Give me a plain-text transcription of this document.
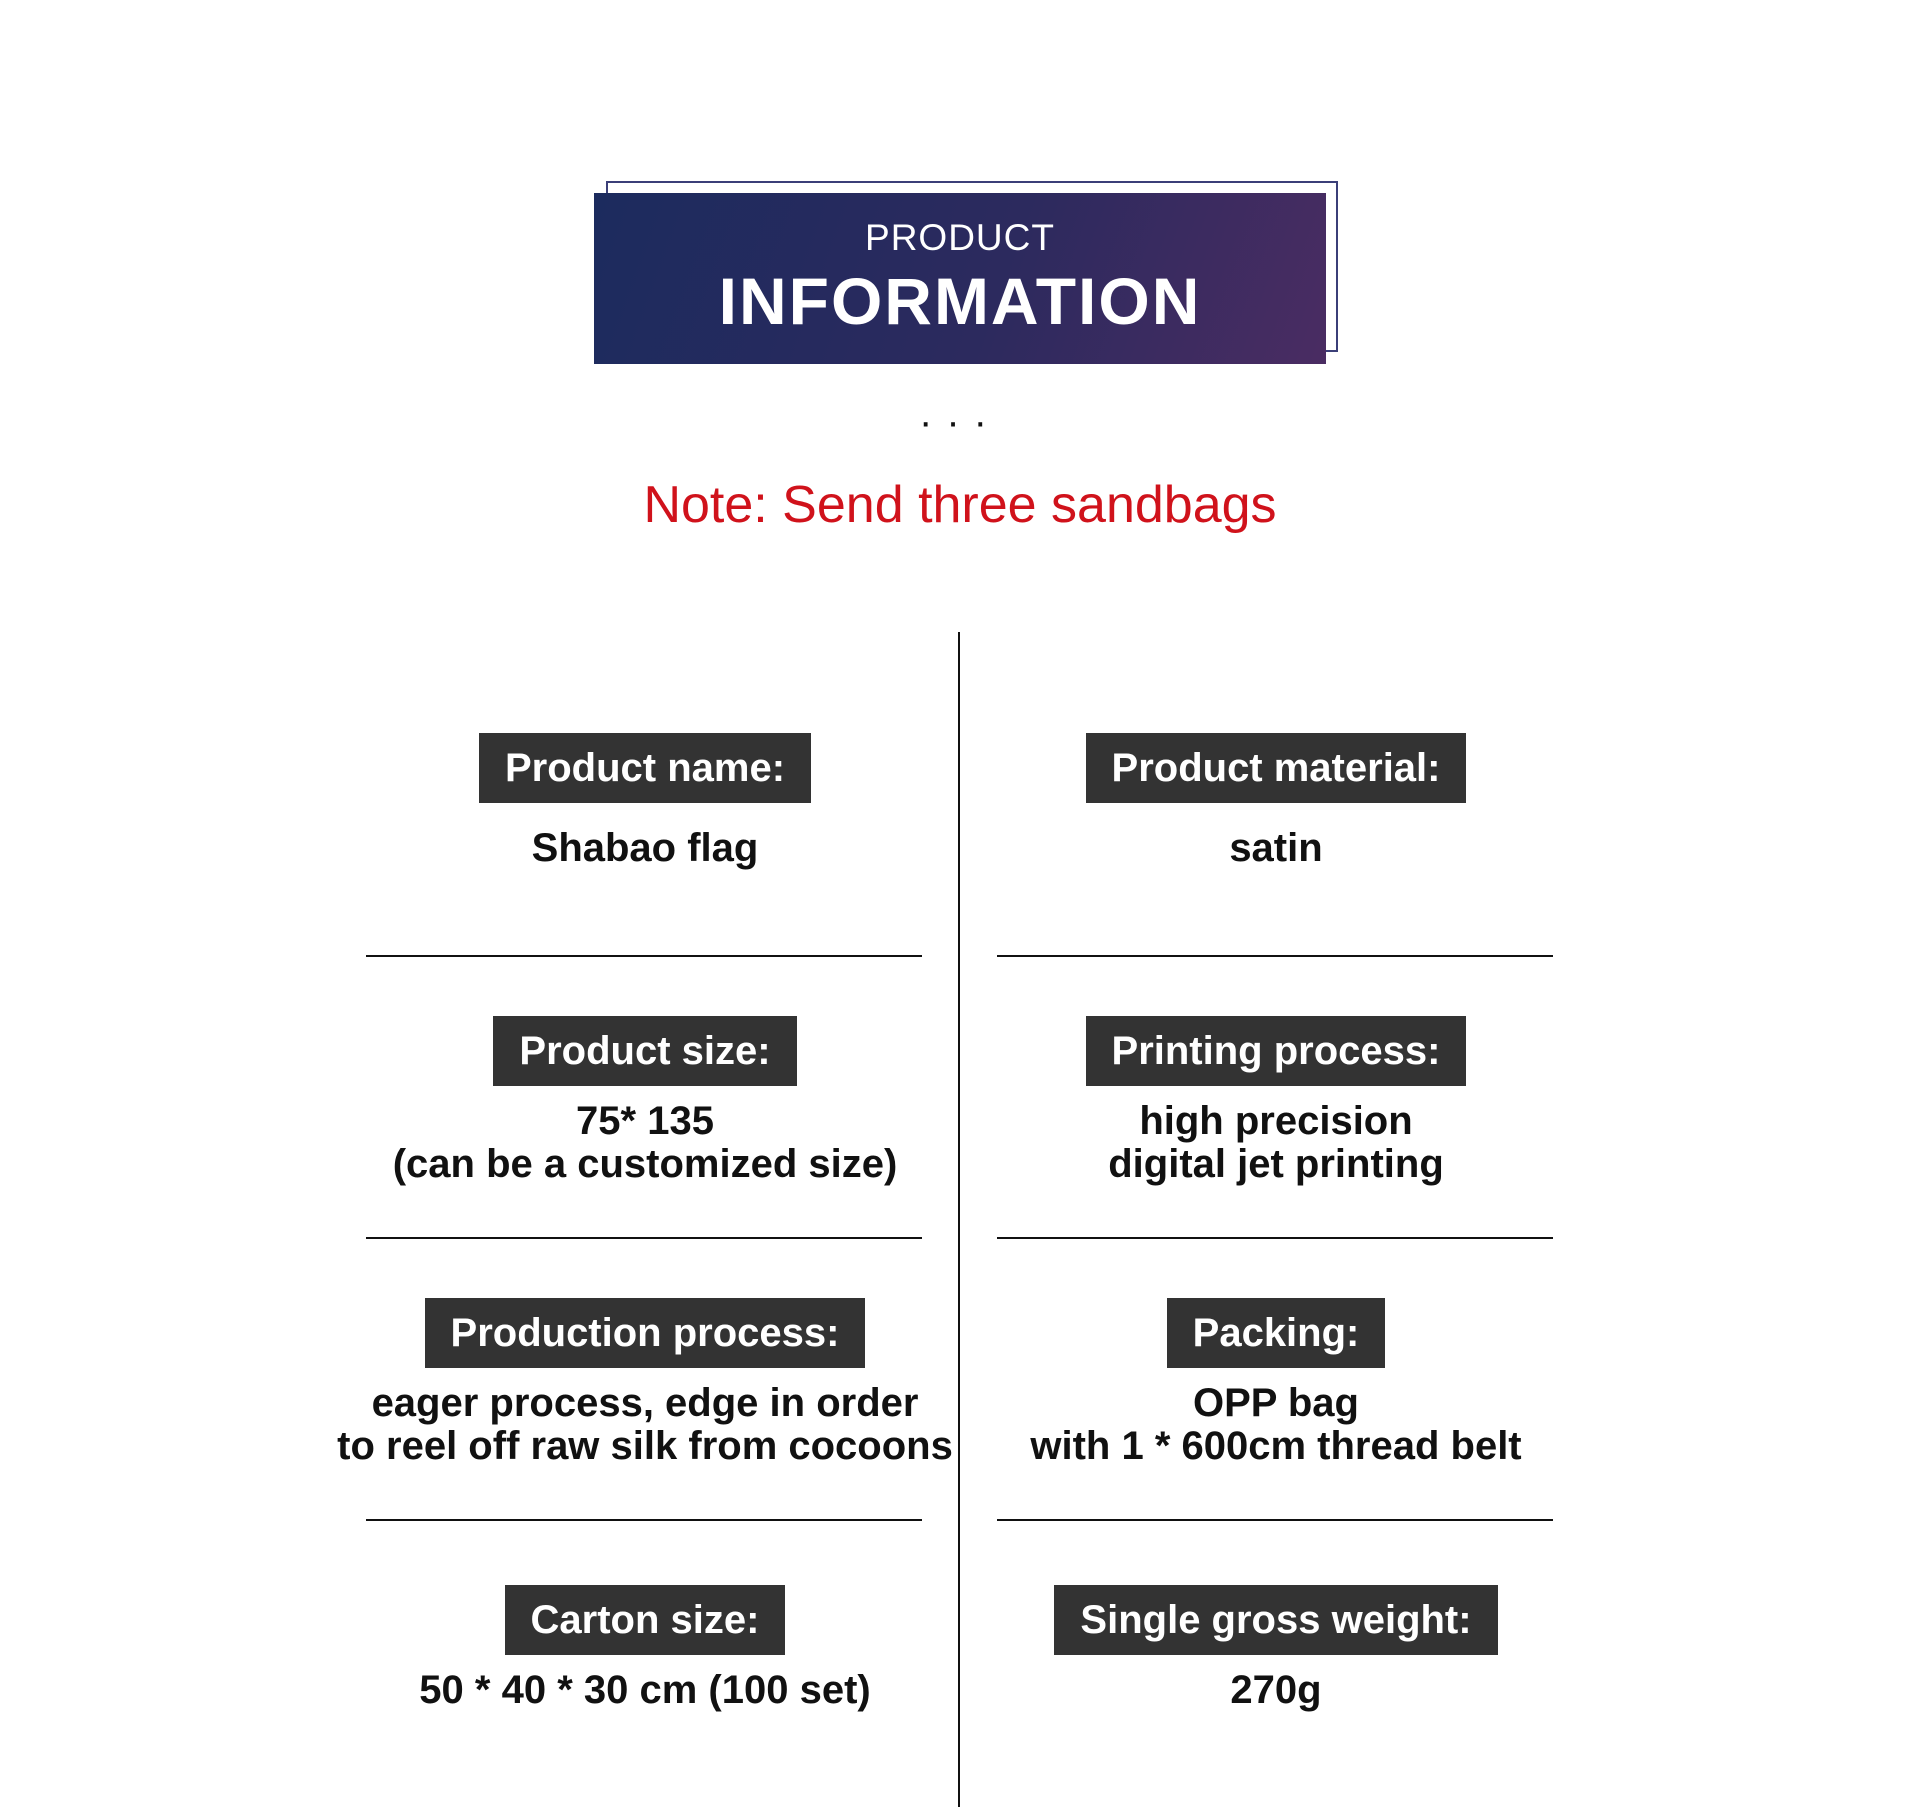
PRODUCT
INFORMATION
···
Note: Send three sandbags
Product name:
Shabao flag
Product material:
satin
Product size:
75* 135
(can be a customized size)
Printing process:
high precision
digital jet printing
Production process:
eager process, edge in order
to reel off raw silk from cocoons
Packing:
OPP bag
with 1 * 600cm thread belt
Carton size:
50 * 40 * 30 cm (100 set)
Single gross weight:
270g
